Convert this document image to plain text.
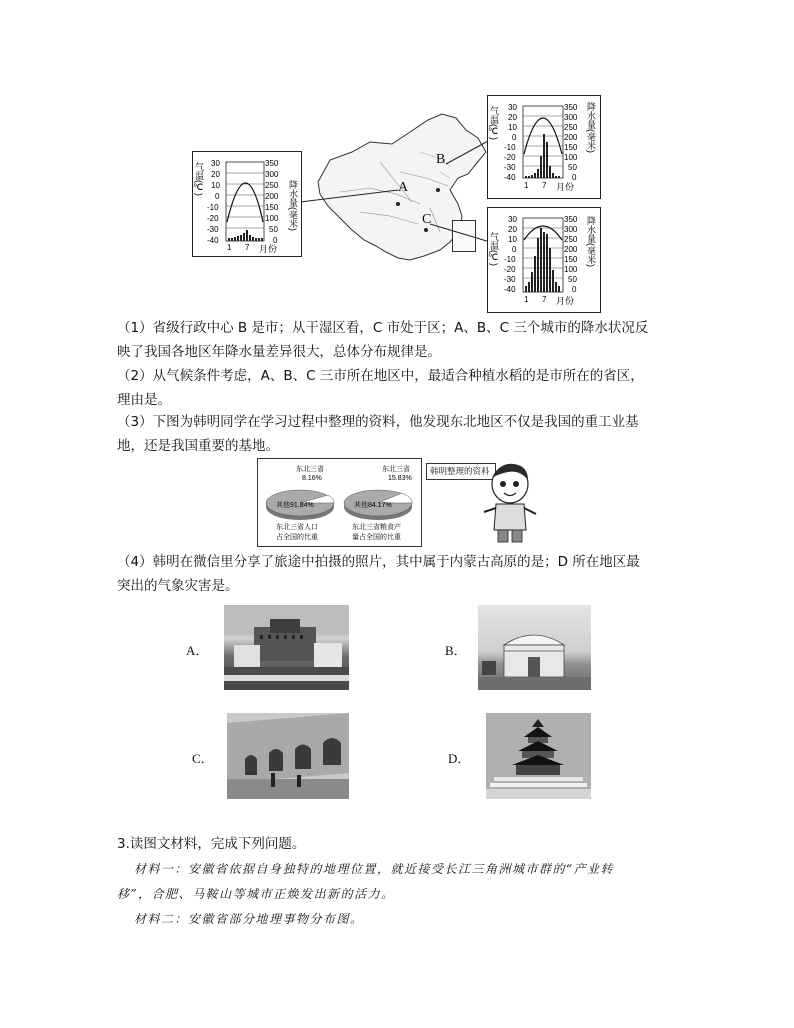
A
B
C
气温(℃)
降水量(毫米)
30
20
10
0
-10
-20
-30
-40
350
300
250
200
150
100
50
0
1 7 月份
气温(℃)	降水量(毫米)
30
20
10
0
-10
-20
-30
-40
350
300
250
200
150
100
50
0
1 7 月份
气温(℃)	降水量(毫米)
30
20
10
0
-10
-20
-30
-40
350
300
250
200
150
100
50
0
1 7 月份
（1）省级行政中心 B 是市；从干湿区看，C 市处于区；A、B、C 三个城市的降水状况反
映了我国各地区年降水量差异很大，总体分布规律是。
（2）从气候条件考虑，A、B、C 三市所在地区中，最适合种植水稻的是市所在的省区，
理由是。
（3）下图为韩明同学在学习过程中整理的资料，他发现东北地区不仅是我国的重工业基
地，还是我国重要的基地。
东北三省
8.16%
其他91.84%
东北三省人口
占全国的比重
东北三省
15.83%
其他84.17%
东北三省粮食产
量占全国的比重
韩明整理的资料
（4）韩明在微信里分享了旅途中拍摄的照片，其中属于内蒙古高原的是；D 所在地区最
突出的气象灾害是。
A．	B．
C．	D．
3.读图文材料，完成下列问题。
材料一：安徽省依据自身独特的地理位置，就近接受长江三角洲城市群的“产业转
移”，合肥、马鞍山等城市正焕发出新的活力。
材料二：安徽省部分地理事物分布图。
